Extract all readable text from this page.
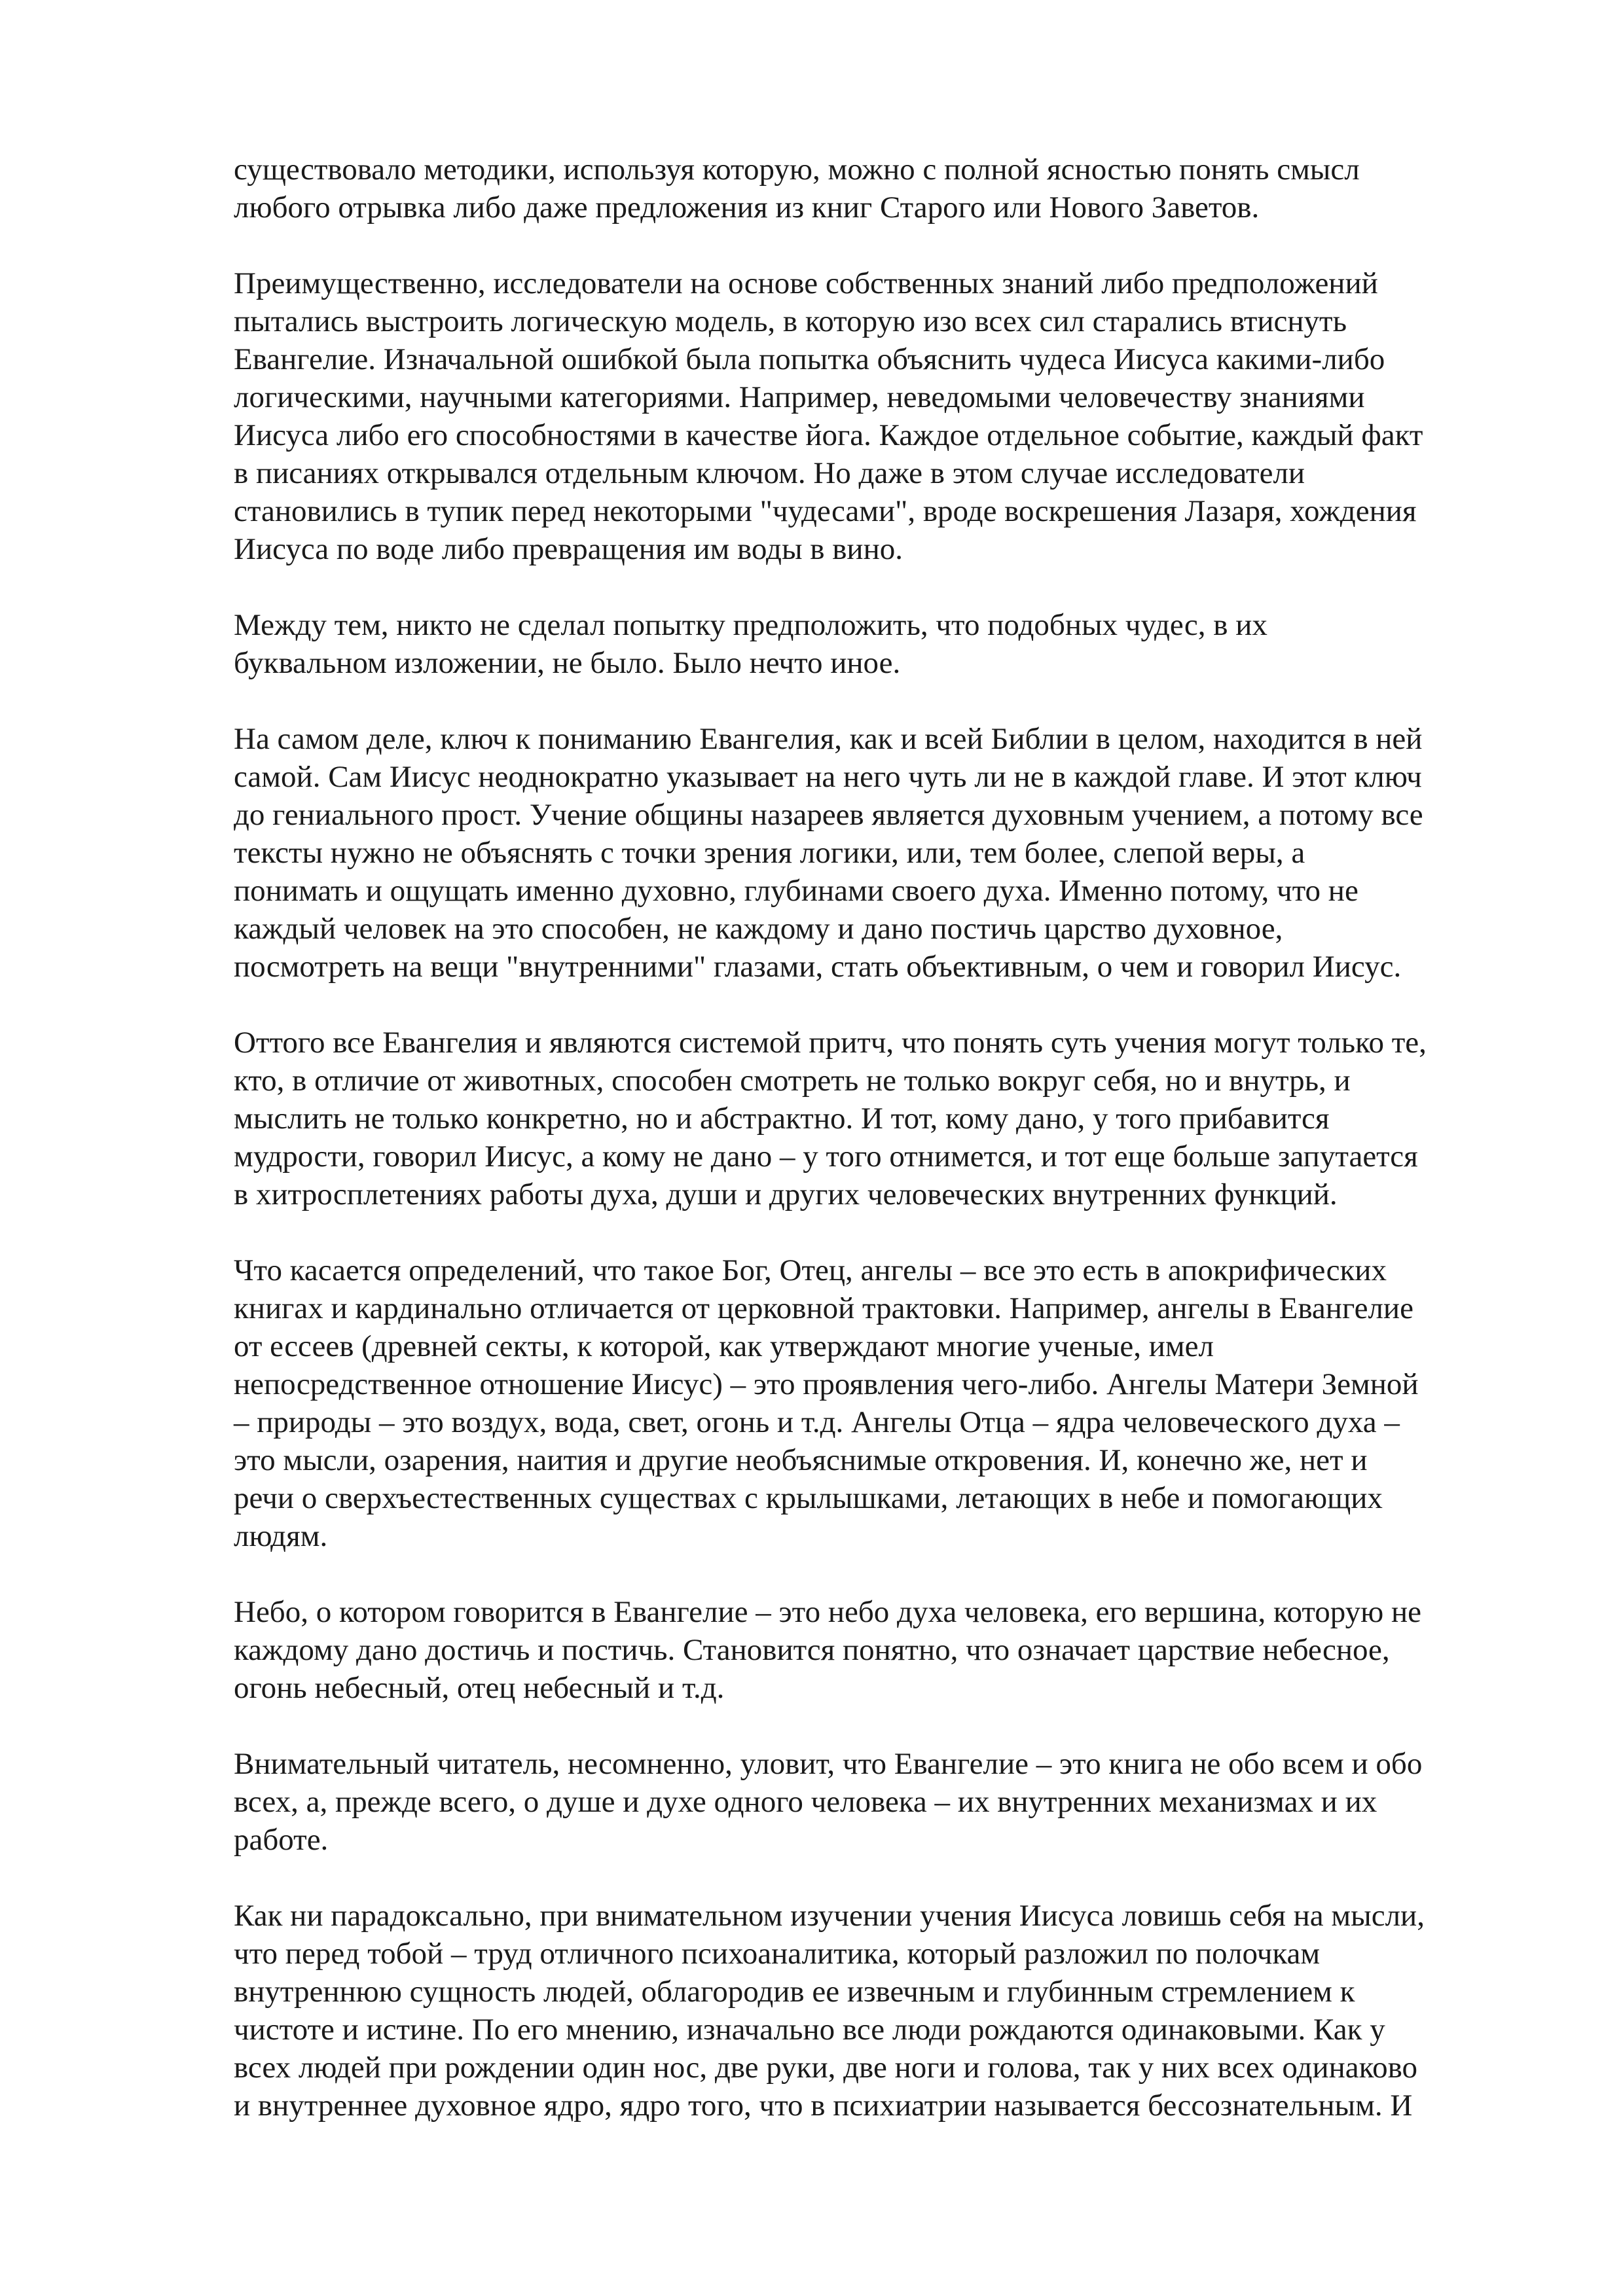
существовало методики, используя которую, можно с полной ясностью понять смысл
любого отрывка либо даже предложения из книг Старого или Нового Заветов.

Преимущественно, исследователи на основе собственных знаний либо предположений
пытались выстроить логическую модель, в которую изо всех сил старались втиснуть
Евангелие. Изначальной ошибкой была попытка объяснить чудеса Иисуса какими-либо
логическими, научными категориями. Например, неведомыми человечеству знаниями
Иисуса либо его способностями в качестве йога. Каждое отдельное событие, каждый факт
в писаниях открывался отдельным ключом. Но даже в этом случае исследователи
становились в тупик перед некоторыми "чудесами", вроде воскрешения Лазаря, хождения
Иисуса по воде либо превращения им воды в вино.

Между тем, никто не сделал попытку предположить, что подобных чудес, в их
буквальном изложении, не было. Было нечто иное.

На самом деле, ключ к пониманию Евангелия, как и всей Библии в целом, находится в ней
самой. Сам Иисус неоднократно указывает на него чуть ли не в каждой главе. И этот ключ
до гениального прост. Учение общины назареев является духовным учением, а потому все
тексты нужно не объяснять с точки зрения логики, или, тем более, слепой веры, а
понимать и ощущать именно духовно, глубинами своего духа. Именно потому, что не
каждый человек на это способен, не каждому и дано постичь царство духовное,
посмотреть на вещи "внутренними" глазами, стать объективным, о чем и говорил Иисус.

Оттого все Евангелия и являются системой притч, что понять суть учения могут только те,
кто, в отличие от животных, способен смотреть не только вокруг себя, но и внутрь, и
мыслить не только конкретно, но и абстрактно. И тот, кому дано, у того прибавится
мудрости, говорил Иисус, а кому не дано – у того отнимется, и тот еще больше запутается
в хитросплетениях работы духа, души и других человеческих внутренних функций.

Что касается определений, что такое Бог, Отец, ангелы – все это есть в апокрифических
книгах и кардинально отличается от церковной трактовки. Например, ангелы в Евангелие
от ессеев (древней секты, к которой, как утверждают многие ученые, имел
непосредственное отношение Иисус) – это проявления чего-либо. Ангелы Матери Земной
– природы – это воздух, вода, свет, огонь и т.д. Ангелы Отца – ядра человеческого духа –
это мысли, озарения, наития и другие необъяснимые откровения. И, конечно же, нет и
речи о сверхъестественных существах с крылышками, летающих в небе и помогающих
людям.

Небо, о котором говорится в Евангелие – это небо духа человека, его вершина, которую не
каждому дано достичь и постичь. Становится понятно, что означает царствие небесное,
огонь небесный, отец небесный и т.д.

Внимательный читатель, несомненно, уловит, что Евангелие – это книга не обо всем и обо
всех, а, прежде всего, о душе и духе одного человека – их внутренних механизмах и их
работе.

Как ни парадоксально, при внимательном изучении учения Иисуса ловишь себя на мысли,
что перед тобой – труд отличного психоаналитика, который разложил по полочкам
внутреннюю сущность людей, облагородив ее извечным и глубинным стремлением к
чистоте и истине. По его мнению, изначально все люди рождаются одинаковыми. Как у
всех людей при рождении один нос, две руки, две ноги и голова, так у них всех одинаково
и внутреннее духовное ядро, ядро того, что в психиатрии называется бессознательным. И
